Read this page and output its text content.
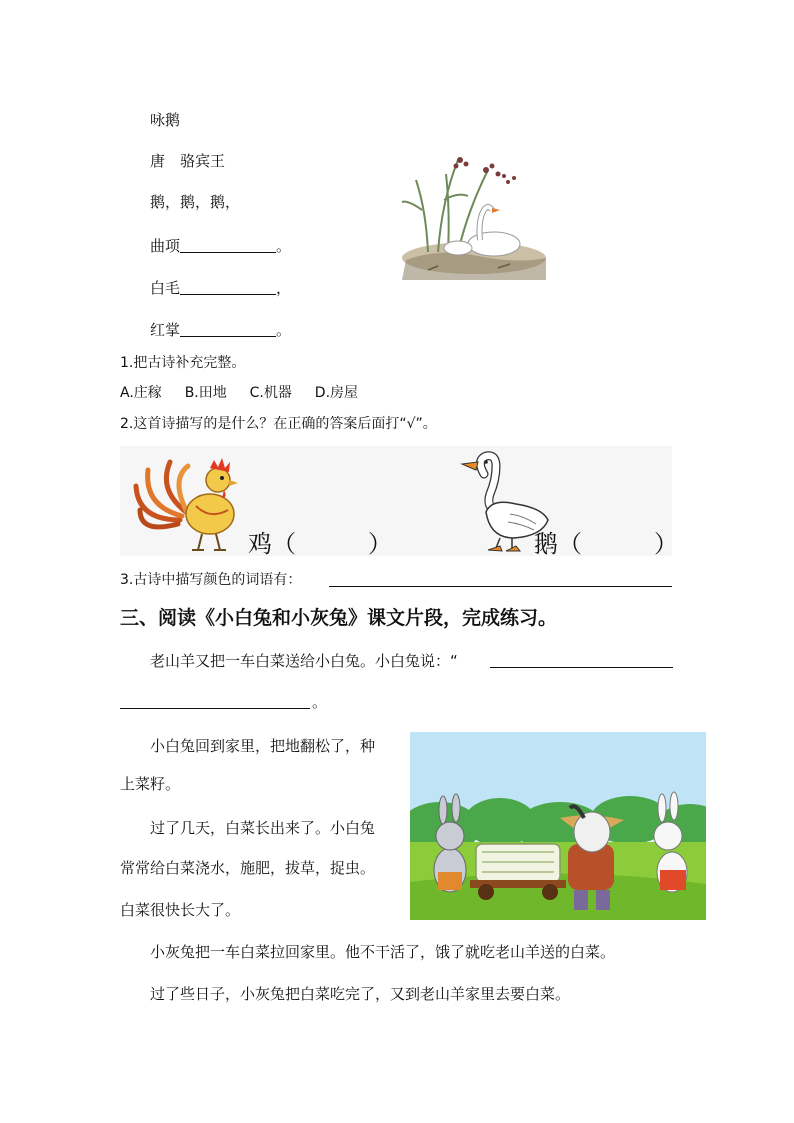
咏鹅
唐　骆宾王
鹅，鹅，鹅，
曲项	。
白毛	，
红掌	。
1.把古诗补充完整。
A.庄稼 B.田地 C.机器 D.房屋
2.这首诗描写的是什么？在正确的答案后面打“√”。
鸡（　　　）	鹅（　　　）
3.古诗中描写颜色的词语有：
三、阅读《小白兔和小灰兔》课文片段，完成练习。
老山羊又把一车白菜送给小白兔。小白兔说：“
。
小白兔回到家里，把地翻松了，种
上菜籽。
过了几天，白菜长出来了。小白兔
常常给白菜浇水，施肥，拔草，捉虫。
白菜很快长大了。
小灰兔把一车白菜拉回家里。他不干活了，饿了就吃老山羊送的白菜。
过了些日子，小灰兔把白菜吃完了，又到老山羊家里去要白菜。
